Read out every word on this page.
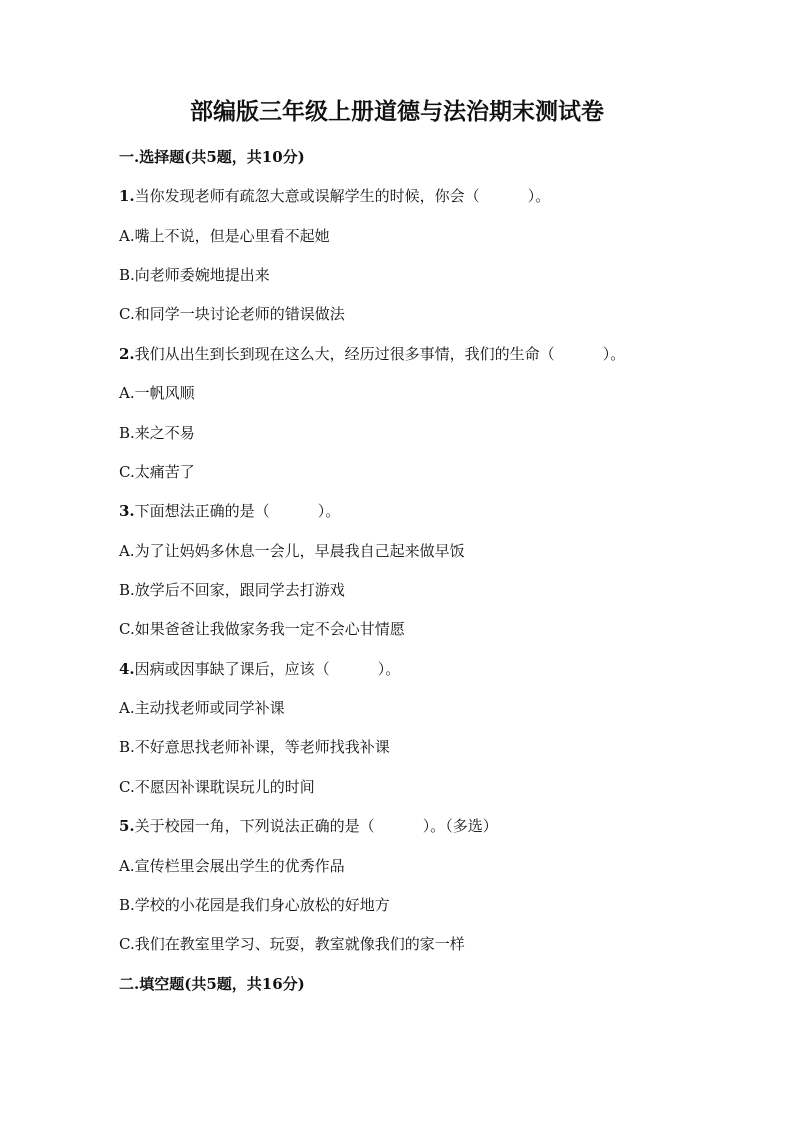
部编版三年级上册道德与法治期末测试卷
一.选择题(共5题，共10分)
1.当你发现老师有疏忽大意或误解学生的时候，你会（	）。
A.嘴上不说，但是心里看不起她
B.向老师委婉地提出来
C.和同学一块讨论老师的错误做法
2.我们从出生到长到现在这么大，经历过很多事情，我们的生命（	）。
A.一帆风顺
B.来之不易
C.太痛苦了
3.下面想法正确的是（	）。
A.为了让妈妈多休息一会儿，早晨我自己起来做早饭
B.放学后不回家，跟同学去打游戏
C.如果爸爸让我做家务我一定不会心甘情愿
4.因病或因事缺了课后，应该（	）。
A.主动找老师或同学补课
B.不好意思找老师补课，等老师找我补课
C.不愿因补课耽误玩儿的时间
5.关于校园一角，下列说法正确的是（	）。（多选）
A.宣传栏里会展出学生的优秀作品
B.学校的小花园是我们身心放松的好地方
C.我们在教室里学习、玩耍，教室就像我们的家一样
二.填空题(共5题，共16分)
